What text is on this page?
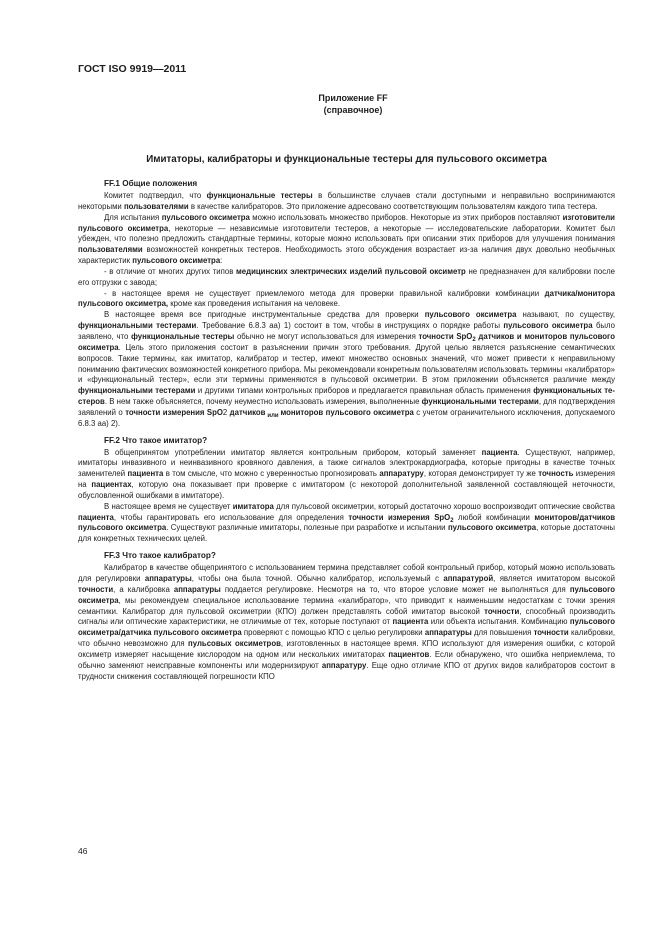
ГОСТ ISO 9919—2011
Приложение FF
(справочное)
Имитаторы, калибраторы и функциональные тестеры для пульсового оксиметра
FF.1 Общие положения

Комитет подтвердил, что функциональные тестеры в большинстве случаев стали доступными и неправильно воспринимаются некоторыми пользователями в качестве калибраторов. Это приложение адресовано соответствующим пользователям каждого типа тестера.

Для испытания пульсового оксиметра можно использовать множество приборов. Некоторые из этих приборов поставляют изготовители пульсового оксиметра, некоторые — независимые изготовители тестеров, а некоторые — исследовательские лаборатории. Комитет был убежден, что полезно предложить стандартные термины, которые можно использовать при описании этих приборов для улучшения понимания пользователями возможностей конкретных тестеров. Необходимость этого обсуждения возрастает из-за наличия двух довольно необычных характеристик пульсового оксиметра:

- в отличие от многих других типов медицинских электрических изделий пульсовой оксиметр не предназначен для калибровки после его отгрузки с завода;

- в настоящее время не существует приемлемого метода для проверки правильной калибровки комбинации датчика/монитора пульсового оксиметра, кроме как проведения испытания на человеке.

В настоящее время все пригодные инструментальные средства для проверки пульсового оксиметра называют, по существу, функциональными тестерами. Требование 6.8.3 аа) 1) состоит в том, чтобы в инструкциях о порядке работы пульсового оксиметра было заявлено, что функциональные тестеры обычно не могут использоваться для измерения точности SpO$_2$ датчиков и мониторов пульсового оксиметра. Цель этого приложения состоит в разъяснении причин этого требования. Другой целью является разъяснение семантических вопросов. Такие термины, как имитатор, калибратор и тестер, имеют множество основных значений, что может привести к неправильному пониманию фактических возможностей конкретного прибора. Мы рекомендовали конкретным пользователям использовать термины «калибратор» и «функциональный тестер», если эти термины применяются в пульсовой оксиметрии. В этом приложении объясняется различие между функциональными тестерами и другими типами контрольных приборов и предлагается правильная область применения функциональных тестеров. В нем также объясняется, почему неуместно использовать измерения, выполненные функциональными тестерами, для подтверждения заявлений о точности измерения SpO2 датчиков $_{или}$ мониторов пульсового оксиметра с учетом ограничительного исключения, допускаемого 6.8.3 аа) 2).

FF.2 Что такое имитатор?

В общепринятом употреблении имитатор является контрольным прибором, который заменяет пациента. Существуют, например, имитаторы инвазивного и неинвазивного кровяного давления, а также сигналов электрокардиографа, которые пригодны в качестве точных заменителей пациента в том смысле, что можно с уверенностью прогнозировать аппаратуру, которая демонстрирует ту же точность измерения на пациентах, которую она показывает при проверке с имитатором (с некоторой дополнительной заявленной составляющей неточности, обусловленной ошибками в имитаторе).

В настоящее время не существует имитатора для пульсовой оксиметрии, который достаточно хорошо воспроизводит оптические свойства пациента, чтобы гарантировать его использование для определения точности измерения SpO$_2$ любой комбинации мониторов/датчиков пульсового оксиметра. Существуют различные имитаторы, полезные при разработке и испытании пульсового оксиметра, которые достаточны для конкретных технических целей.

FF.3 Что такое калибратор?

Калибратор в качестве общепринятого с использованием термина представляет собой контрольный прибор, который можно использовать для регулировки аппаратуры, чтобы она была точной. Обычно калибратор, используемый с аппаратурой, является имитатором высокой точности, а калибровка аппаратуры поддается регулировке. Несмотря на то, что второе условие может не выполняться для пульсового оксиметра, мы рекомендуем специальное использование термина «калибратор», что приводит к наименьшим недостаткам с точки зрения семантики. Калибратор для пульсовой оксиметрии (КПО) должен представлять собой имитатор высокой точности, способный производить сигналы или оптические характеристики, не отличимые от тех, которые поступают от пациента или объекта испытания. Комбинацию пульсового оксиметра/датчика пульсового оксиметра проверяют с помощью КПО с целью регулировки аппаратуры для повышения точности калибровки, что обычно невозможно для пульсовых оксиметров, изготовленных в настоящее время. КПО используют для измерения ошибки, с которой оксиметр измеряет насыщение кислородом на одном или нескольких имитаторах пациентов. Если обнаружено, что ошибка неприемлема, то обычно заменяют неисправные компоненты или модернизируют аппаратуру. Еще одно отличие КПО от других видов калибраторов состоит в трудности снижения составляющей погрешности КПО

46
